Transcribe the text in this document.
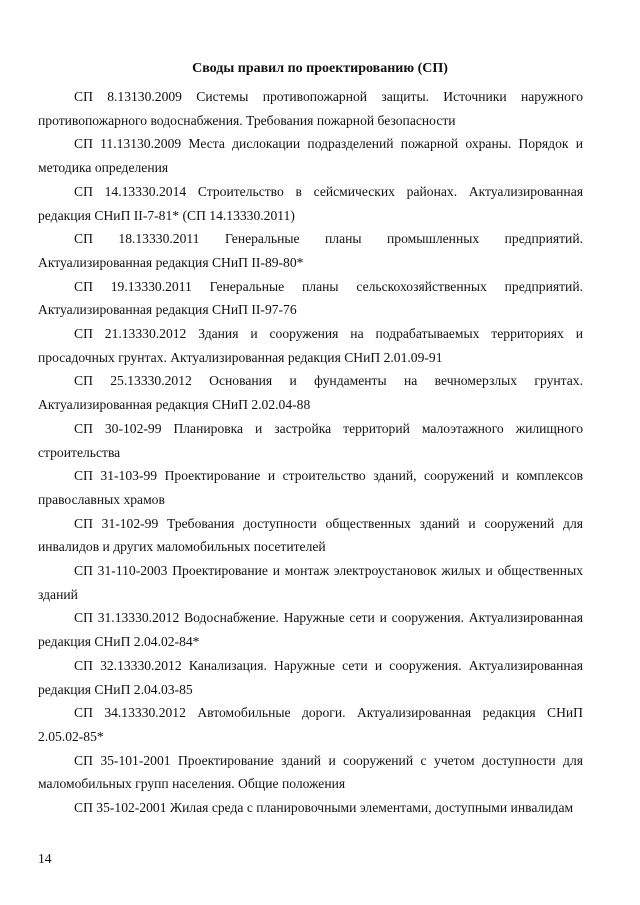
Своды правил по проектированию (СП)

СП 8.13130.2009 Системы противопожарной защиты. Источники наружного противопожарного водоснабжения. Требования пожарной безопасности

СП 11.13130.2009 Места дислокации подразделений пожарной охраны. Порядок и методика определения

СП 14.13330.2014 Строительство в сейсмических районах. Актуализированная редакция СНиП II-7-81* (СП 14.13330.2011)

СП 18.13330.2011 Генеральные планы промышленных предприятий. Актуализированная редакция СНиП II-89-80*

СП 19.13330.2011 Генеральные планы сельскохозяйственных предприятий. Актуализированная редакция СНиП II-97-76

СП 21.13330.2012 Здания и сооружения на подрабатываемых территориях и просадочных грунтах. Актуализированная редакция СНиП 2.01.09-91

СП 25.13330.2012 Основания и фундаменты на вечномерзлых грунтах. Актуализированная редакция СНиП 2.02.04-88

СП 30-102-99 Планировка и застройка территорий малоэтажного жилищного строительства

СП 31-103-99 Проектирование и строительство зданий, сооружений и комплексов православных храмов

СП 31-102-99 Требования доступности общественных зданий и сооружений для инвалидов и других маломобильных посетителей

СП 31-110-2003 Проектирование и монтаж электроустановок жилых и общественных зданий

СП 31.13330.2012 Водоснабжение. Наружные сети и сооружения. Актуализированная редакция СНиП 2.04.02-84*

СП 32.13330.2012 Канализация. Наружные сети и сооружения. Актуализированная редакция СНиП 2.04.03-85

СП 34.13330.2012 Автомобильные дороги. Актуализированная редакция СНиП 2.05.02-85*

СП 35-101-2001 Проектирование зданий и сооружений с учетом доступности для маломобильных групп населения. Общие положения

СП 35-102-2001 Жилая среда с планировочными элементами, доступными инвалидам

14
